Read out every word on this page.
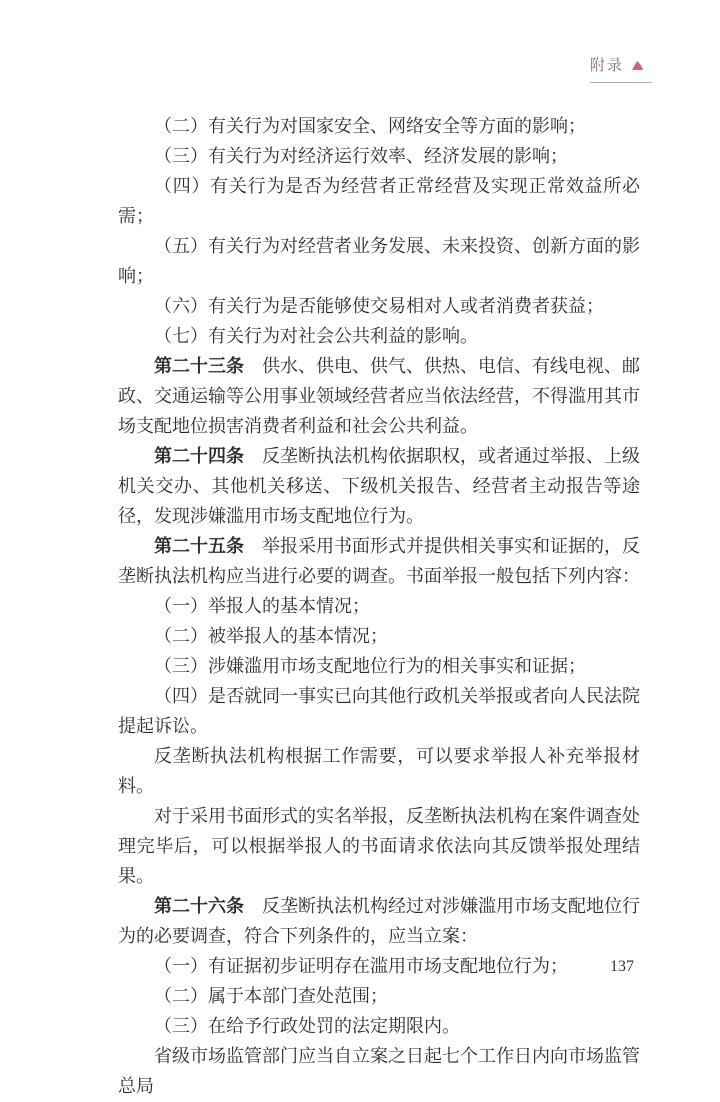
附录

（二）有关行为对国家安全、网络安全等方面的影响；

（三）有关行为对经济运行效率、经济发展的影响；

（四）有关行为是否为经营者正常经营及实现正常效益所必需；

（五）有关行为对经营者业务发展、未来投资、创新方面的影响；

（六）有关行为是否能够使交易相对人或者消费者获益；

（七）有关行为对社会公共利益的影响。

第二十三条　供水、供电、供气、供热、电信、有线电视、邮政、交通运输等公用事业领域经营者应当依法经营，不得滥用其市场支配地位损害消费者利益和社会公共利益。

第二十四条　反垄断执法机构依据职权，或者通过举报、上级机关交办、其他机关移送、下级机关报告、经营者主动报告等途径，发现涉嫌滥用市场支配地位行为。

第二十五条　举报采用书面形式并提供相关事实和证据的，反垄断执法机构应当进行必要的调查。书面举报一般包括下列内容：

（一）举报人的基本情况；

（二）被举报人的基本情况；

（三）涉嫌滥用市场支配地位行为的相关事实和证据；

（四）是否就同一事实已向其他行政机关举报或者向人民法院提起诉讼。

反垄断执法机构根据工作需要，可以要求举报人补充举报材料。

对于采用书面形式的实名举报，反垄断执法机构在案件调查处理完毕后，可以根据举报人的书面请求依法向其反馈举报处理结果。

第二十六条　反垄断执法机构经过对涉嫌滥用市场支配地位行为的必要调查，符合下列条件的，应当立案：

（一）有证据初步证明存在滥用市场支配地位行为；

（二）属于本部门查处范围；

（三）在给予行政处罚的法定期限内。

省级市场监管部门应当自立案之日起七个工作日内向市场监管总局

137
